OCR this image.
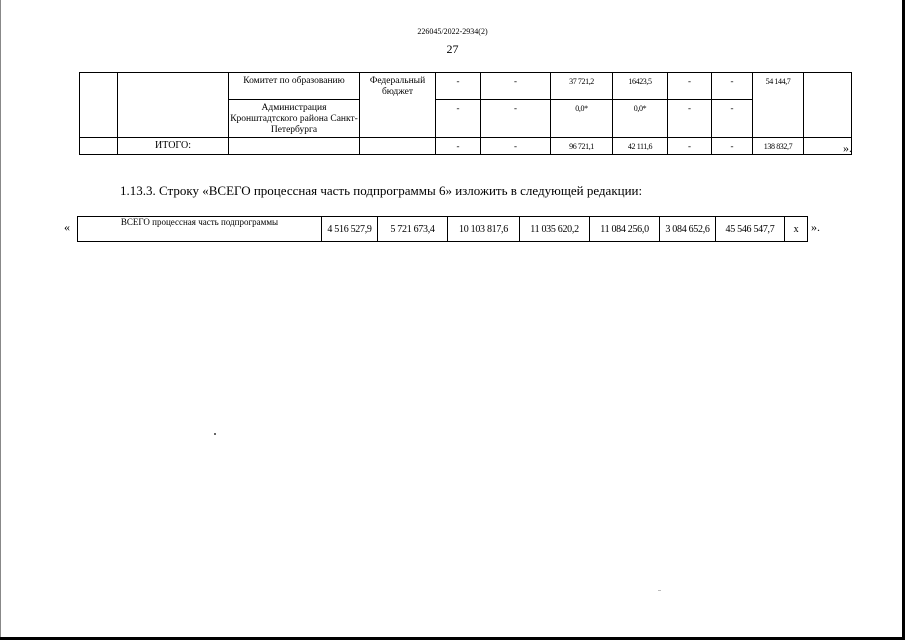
226045/2022-2934(2)
27
		Комитет по образованию	Федеральный бюджет	-	-	37 721,2	16423,5	-	-	54 144,7	
		Администрация Кронштадтского района Санкт-Петербурга		-	-	0,0*	0,0*	-	-		
	ИТОГО:			-	-	96 721,1	42 111,6	-	-	138 832,7		».
1.13.3. Строку «ВСЕГО процессная часть подпрограммы 6» изложить в следующей редакции:
«	ВСЕГО процессная часть подпрограммы	4 516 527,9	5 721 673,4	10 103 817,6	11 035 620,2	11 084 256,0	3 084 652,6	45 546 547,7	х ».
